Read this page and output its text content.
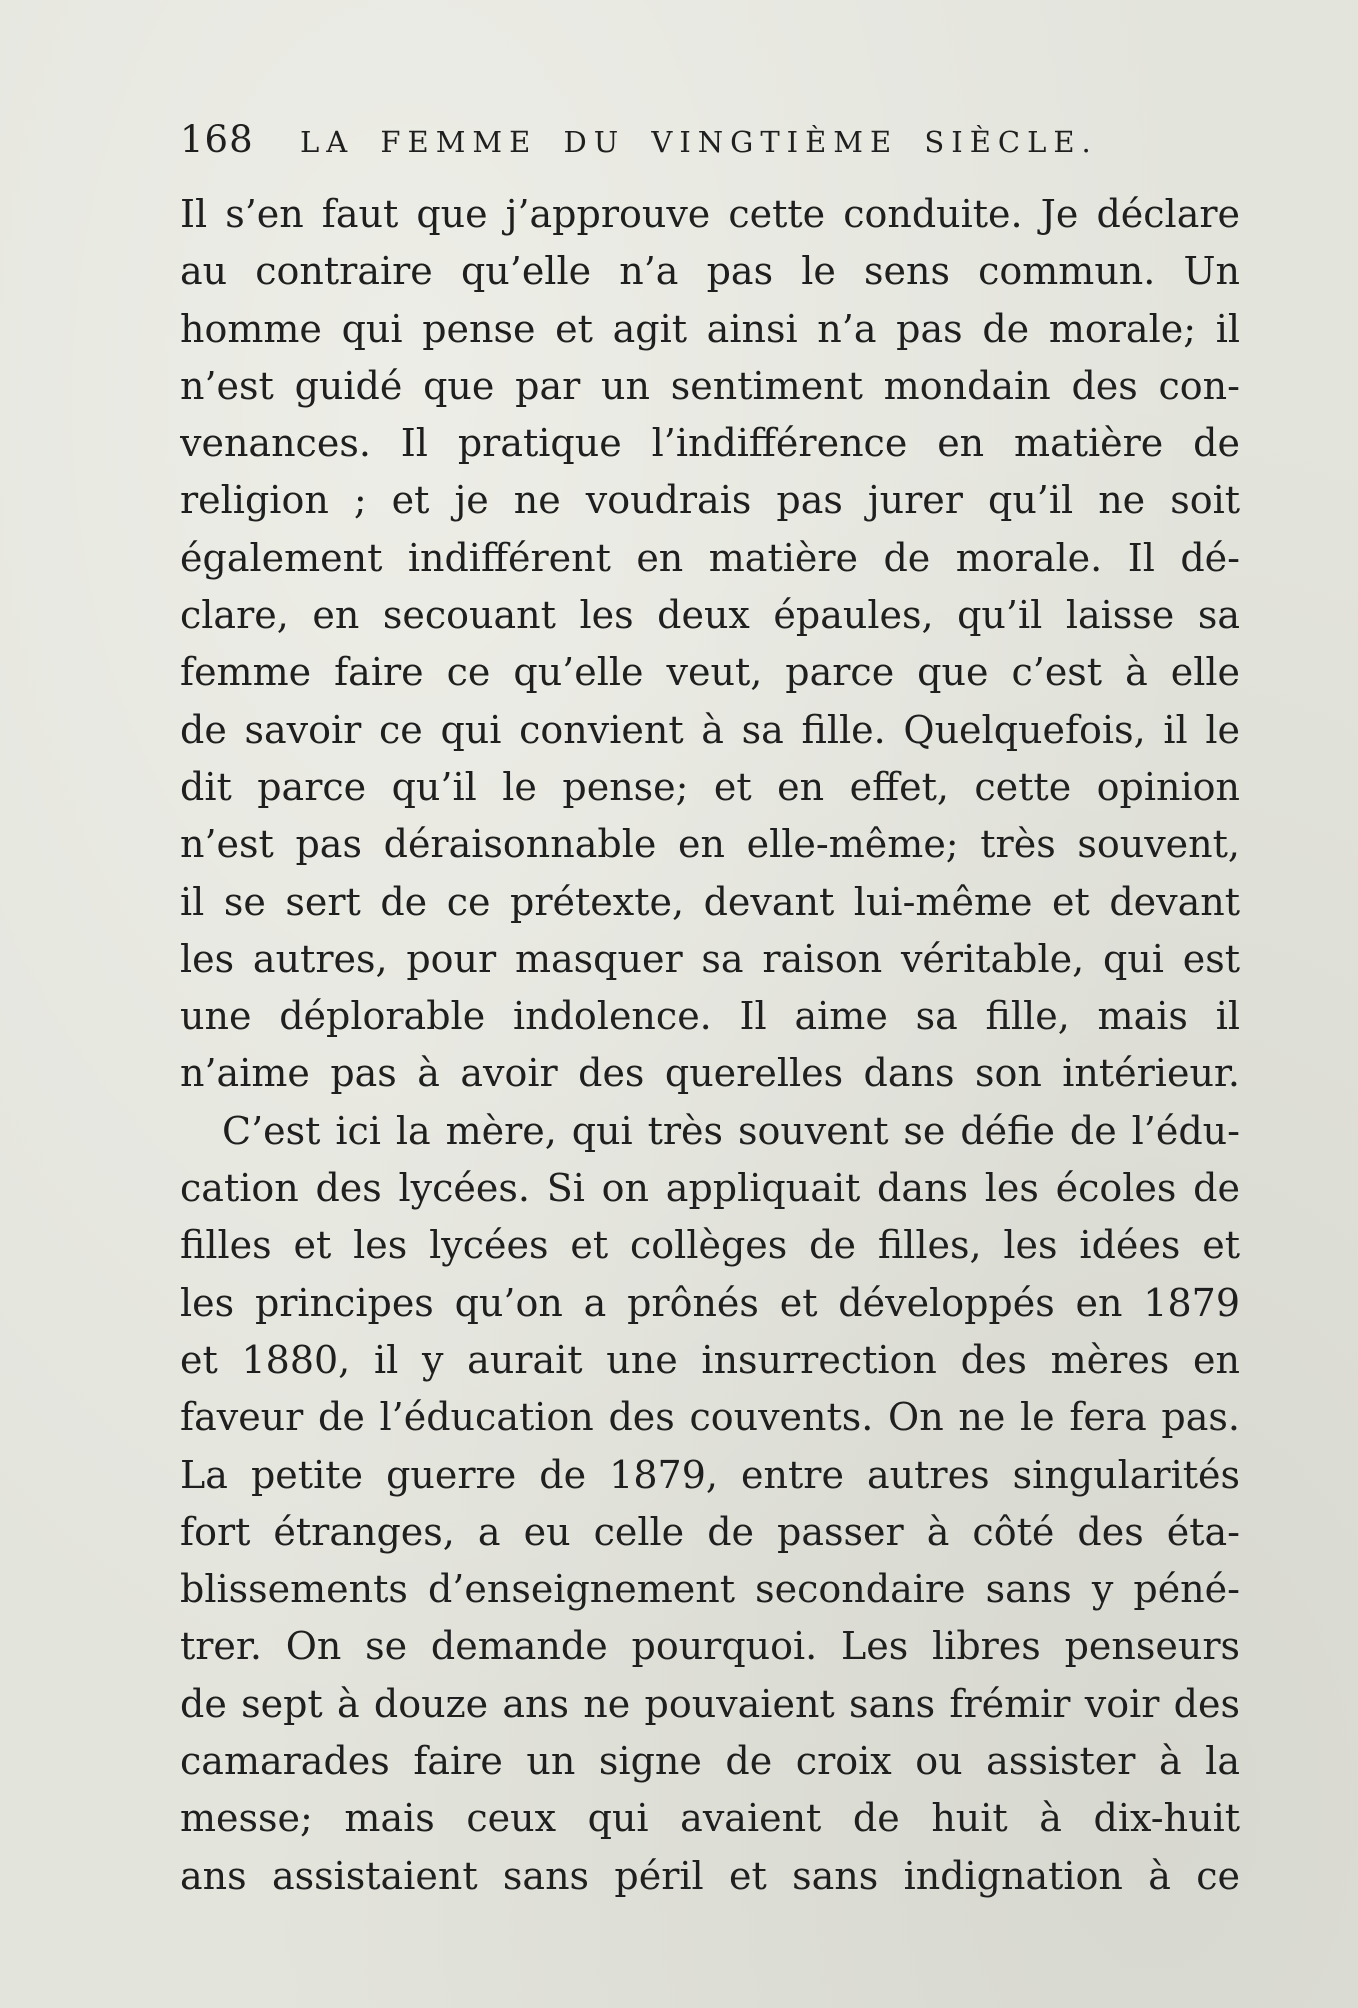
168	LA FEMME DU VINGTIÈME SIÈCLE.
Il s’en faut que j’approuve cette conduite. Je déclare
au contraire qu’elle n’a pas le sens commun. Un
homme qui pense et agit ainsi n’a pas de morale; il
n’est guidé que par un sentiment mondain des con-
venances. Il pratique l’indifférence en matière de
religion ; et je ne voudrais pas jurer qu’il ne soit
également indifférent en matière de morale. Il dé-
clare, en secouant les deux épaules, qu’il laisse sa
femme faire ce qu’elle veut, parce que c’est à elle
de savoir ce qui convient à sa fille. Quelquefois, il le
dit parce qu’il le pense; et en effet, cette opinion
n’est pas déraisonnable en elle-même; très souvent,
il se sert de ce prétexte, devant lui-même et devant
les autres, pour masquer sa raison véritable, qui est
une déplorable indolence. Il aime sa fille, mais il
n’aime pas à avoir des querelles dans son intérieur.
C’est ici la mère, qui très souvent se défie de l’édu-
cation des lycées. Si on appliquait dans les écoles de
filles et les lycées et collèges de filles, les idées et
les principes qu’on a prônés et développés en 1879
et 1880, il y aurait une insurrection des mères en
faveur de l’éducation des couvents. On ne le fera pas.
La petite guerre de 1879, entre autres singularités
fort étranges, a eu celle de passer à côté des éta-
blissements d’enseignement secondaire sans y péné-
trer. On se demande pourquoi. Les libres penseurs
de sept à douze ans ne pouvaient sans frémir voir des
camarades faire un signe de croix ou assister à la
messe; mais ceux qui avaient de huit à dix-huit
ans assistaient sans péril et sans indignation à ce
